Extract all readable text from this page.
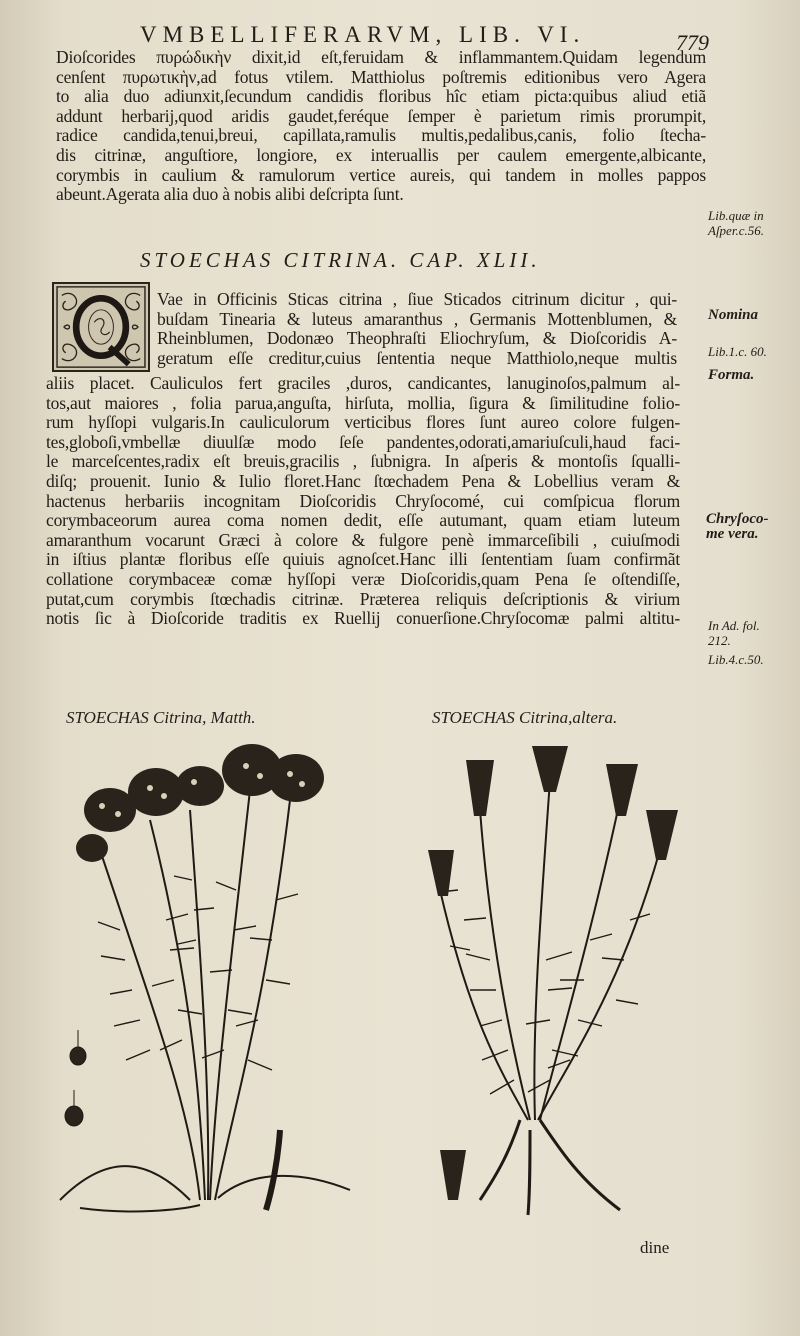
VMBELLIFERARVM, LIB. VI.	779
Dioſcorides πυρώδικὴν dixit,id eſt,feruidam & inflammantem.Quidam legendum
cenſent πυρωτικὴν,ad fotus vtilem. Matthiolus poſtremis editionibus vero Agera
to alia duo adiunxit,ſecundum candidis floribus hîc etiam picta:quibus aliud etiã
addunt herbarij,quod aridis gaudet,feréque ſemper è parietum rimis prorumpit,
radice candida,tenui,breui, capillata,ramulis multis,pedalibus,canis, folio ſtecha-
dis citrinæ, anguſtiore, longiore, ex interuallis per caulem emergente,albicante,
corymbis in caulium & ramulorum vertice aureis, qui tandem in molles pappos
abeunt.Agerata alia duo à nobis alibi deſcripta ſunt.
Lib.quæ in
Aſper.c.56.
STOECHAS CITRINA. CAP. XLII.
Vae in Officinis Sticas citrina , ſiue Sticados citrinum dicitur , qui-
buſdam Tinearia & luteus amaranthus , Germanis Mottenblumen, &
Rheinblumen, Dodonæo Theophraſti Eliochryſum, & Dioſcoridis A-
geratum eſſe creditur,cuius ſententia neque Matthiolo,neque multis
aliis placet. Cauliculos fert graciles ,duros, candicantes, lanuginoſos,palmum al-
tos,aut maiores , folia parua,anguſta, hirſuta, mollia, ſigura & ſimilitudine folio-
rum hyſſopi vulgaris.In cauliculorum verticibus flores ſunt aureo colore fulgen-
tes,globoſi,vmbellæ diuulſæ modo ſeſe pandentes,odorati,amariuſculi,haud faci-
le marceſcentes,radix eſt breuis,gracilis , ſubnigra. In aſperis & montoſis ſqualli-
diſq; prouenit. Iunio & Iulio floret.Hanc ſtœchadem Pena & Lobellius veram &
hactenus herbariis incognitam Dioſcoridis Chryſocomé, cui comſpicua florum
corymbaceorum aurea coma nomen dedit, eſſe autumant, quam etiam luteum
amaranthum vocarunt Græci à colore & fulgore penè immarceſibili , cuiuſmodi
in iſtius plantæ floribus eſſe quiuis agnoſcet.Hanc illi ſententiam ſuam confirmãt
collatione corymbaceæ comæ hyſſopi veræ Dioſcoridis,quam Pena ſe oſtendiſſe,
putat,cum corymbis ſtœchadis citrinæ. Præterea reliquis deſcriptionis & virium
notis ſic à Dioſcoride traditis ex Ruellij conuerſione.Chryſocomæ palmi altitu-
Nomina
Lib.1.c. 60.
Forma.
Chryſoco-
me vera.
In Ad. fol.
212.
Lib.4.c.50.
STOECHAS Citrina, Matth.	STOECHAS Citrina,altera.
dine
